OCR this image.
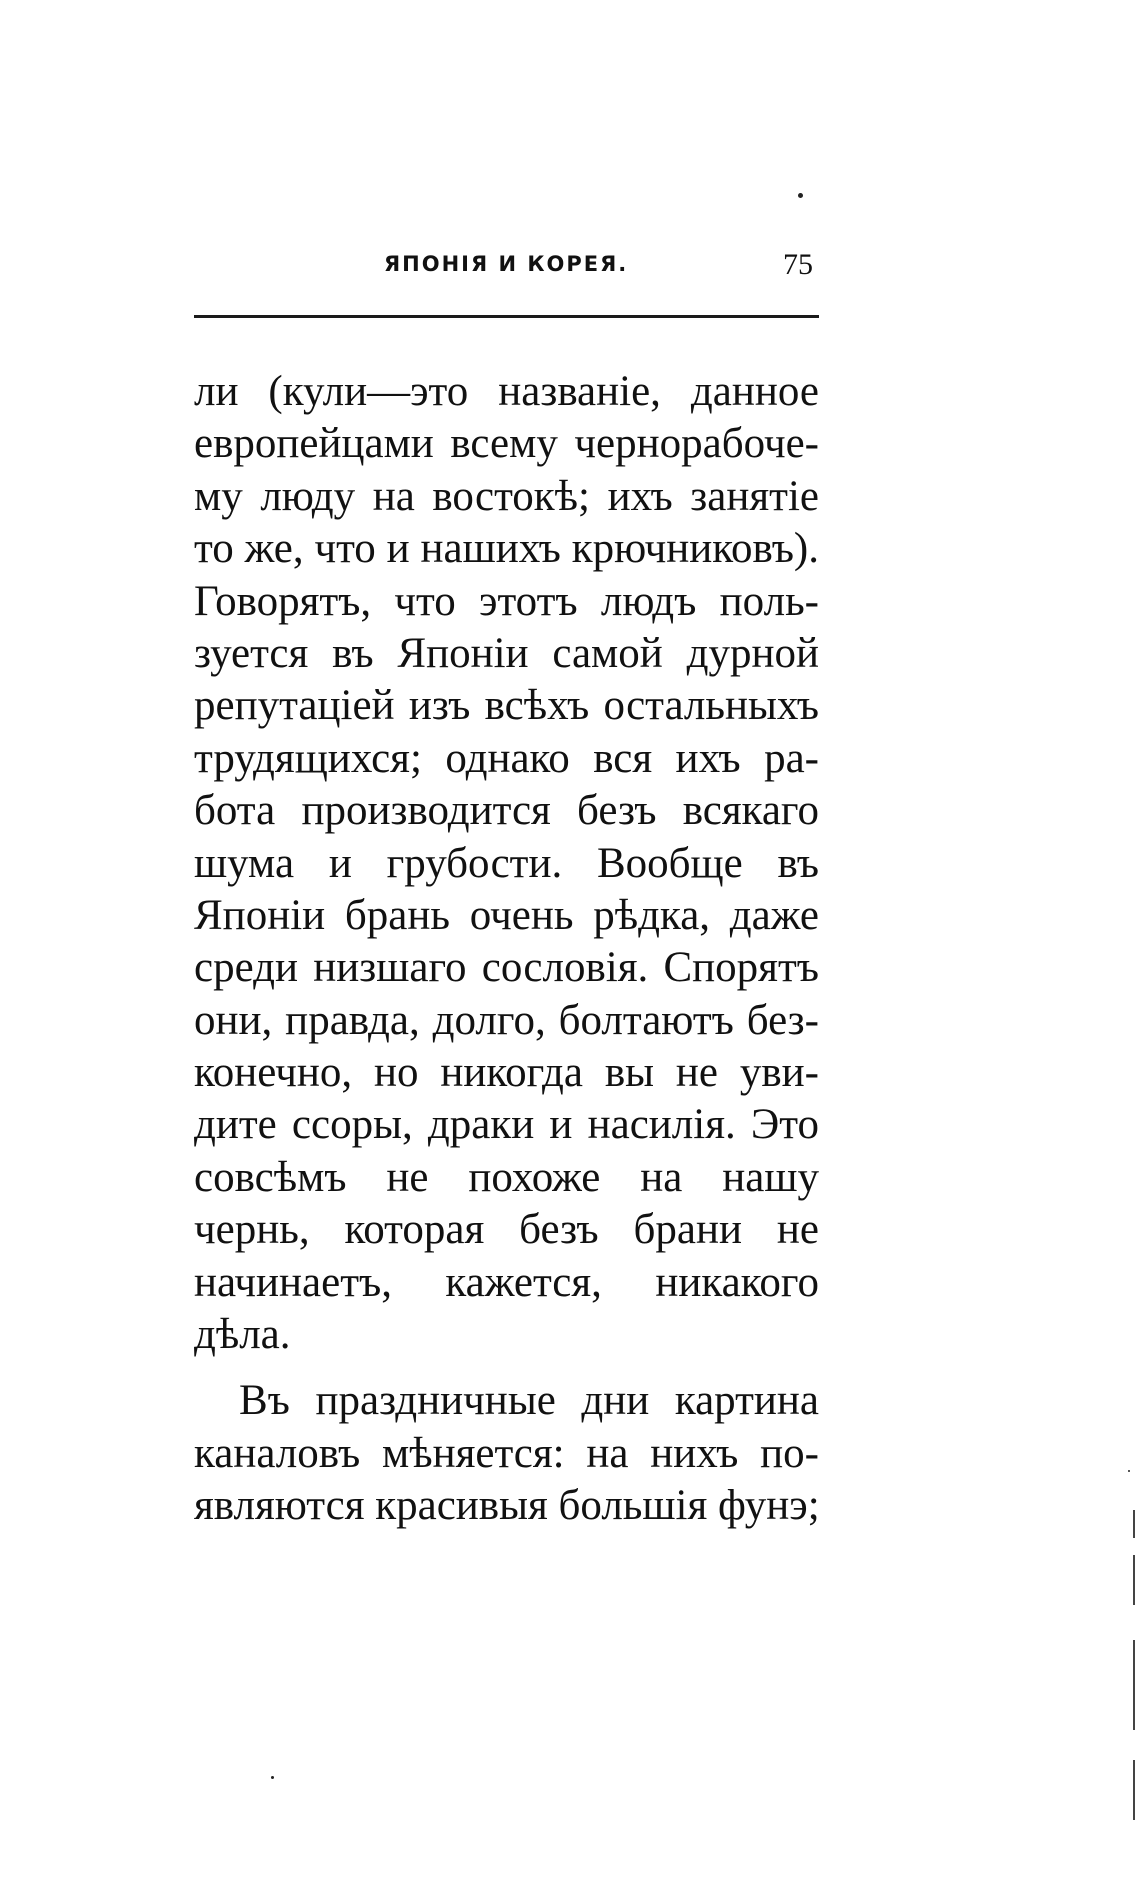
ЯПОНІЯ И КОРЕЯ.	75
ли (кули—это названіе, данное
европейцами всему чернорабоче-
му люду на востокѣ; ихъ занятіе
то же, что и нашихъ крючниковъ).
Говорятъ, что этотъ людъ поль-
зуется въ Японіи самой дурной
репутаціей изъ всѣхъ остальныхъ
трудящихся; однако вся ихъ ра-
бота производится безъ всякаго
шума и грубости. Вообще въ
Японіи брань очень рѣдка, даже
среди низшаго сословія. Спорятъ
они, правда, долго, болтаютъ без-
конечно, но никогда вы не уви-
дите ссоры, драки и насилія. Это
совсѣмъ не похоже на нашу
чернь, которая безъ брани не
начинаетъ, кажется, никакого
дѣла.
Въ праздничные дни картина
каналовъ мѣняется: на нихъ по-
являются красивыя большія фунэ;
